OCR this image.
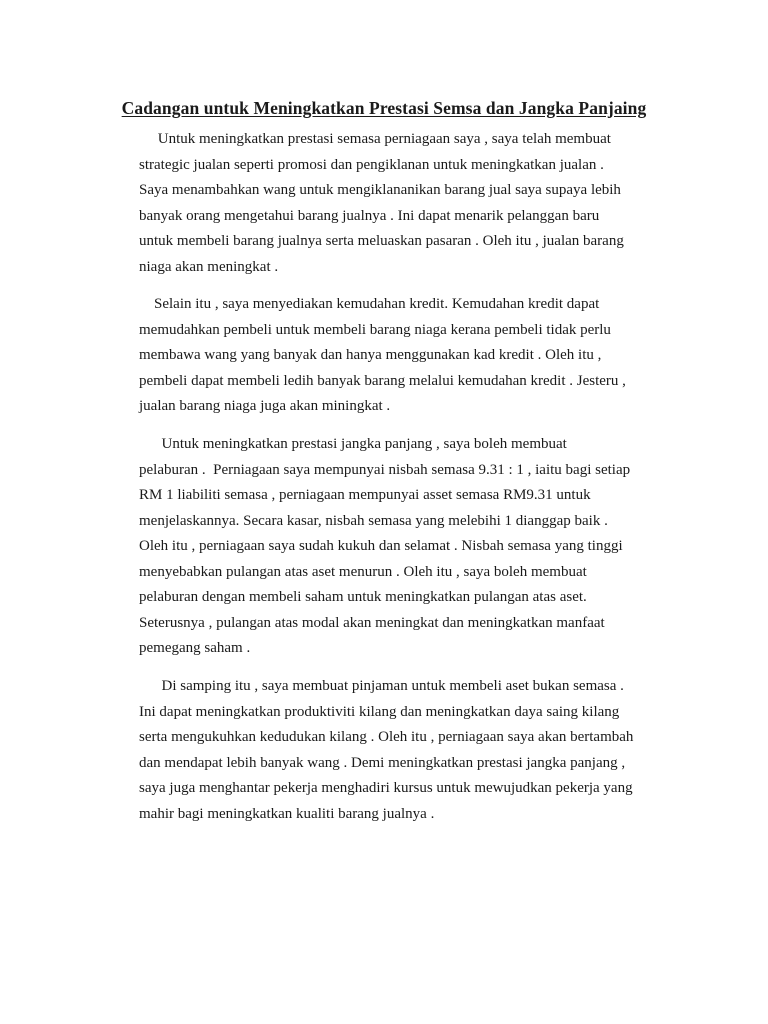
Cadangan untuk Meningkatkan Prestasi Semsa dan Jangka Panjaing

Untuk meningkatkan prestasi semasa perniagaan saya , saya telah membuat
strategic jualan seperti promosi dan pengiklanan untuk meningkatkan jualan .
Saya menambahkan wang untuk mengiklananikan barang jual saya supaya lebih
banyak orang mengetahui barang jualnya . Ini dapat menarik pelanggan baru
untuk membeli barang jualnya serta meluaskan pasaran . Oleh itu , jualan barang
niaga akan meningkat .

Selain itu , saya menyediakan kemudahan kredit. Kemudahan kredit dapat
memudahkan pembeli untuk membeli barang niaga kerana pembeli tidak perlu
membawa wang yang banyak dan hanya menggunakan kad kredit . Oleh itu ,
pembeli dapat membeli ledih banyak barang melalui kemudahan kredit . Jesteru ,
jualan barang niaga juga akan miningkat .

Untuk meningkatkan prestasi jangka panjang , saya boleh membuat
pelaburan .  Perniagaan saya mempunyai nisbah semasa 9.31 : 1 , iaitu bagi setiap
RM 1 liabiliti semasa , perniagaan mempunyai asset semasa RM9.31 untuk
menjelaskannya. Secara kasar, nisbah semasa yang melebihi 1 dianggap baik .
Oleh itu , perniagaan saya sudah kukuh dan selamat . Nisbah semasa yang tinggi
menyebabkan pulangan atas aset menurun . Oleh itu , saya boleh membuat
pelaburan dengan membeli saham untuk meningkatkan pulangan atas aset.
Seterusnya , pulangan atas modal akan meningkat dan meningkatkan manfaat
pemegang saham .

Di samping itu , saya membuat pinjaman untuk membeli aset bukan semasa .
Ini dapat meningkatkan produktiviti kilang dan meningkatkan daya saing kilang
serta mengukuhkan kedudukan kilang . Oleh itu , perniagaan saya akan bertambah
dan mendapat lebih banyak wang . Demi meningkatkan prestasi jangka panjang ,
saya juga menghantar pekerja menghadiri kursus untuk mewujudkan pekerja yang
mahir bagi meningkatkan kualiti barang jualnya .
